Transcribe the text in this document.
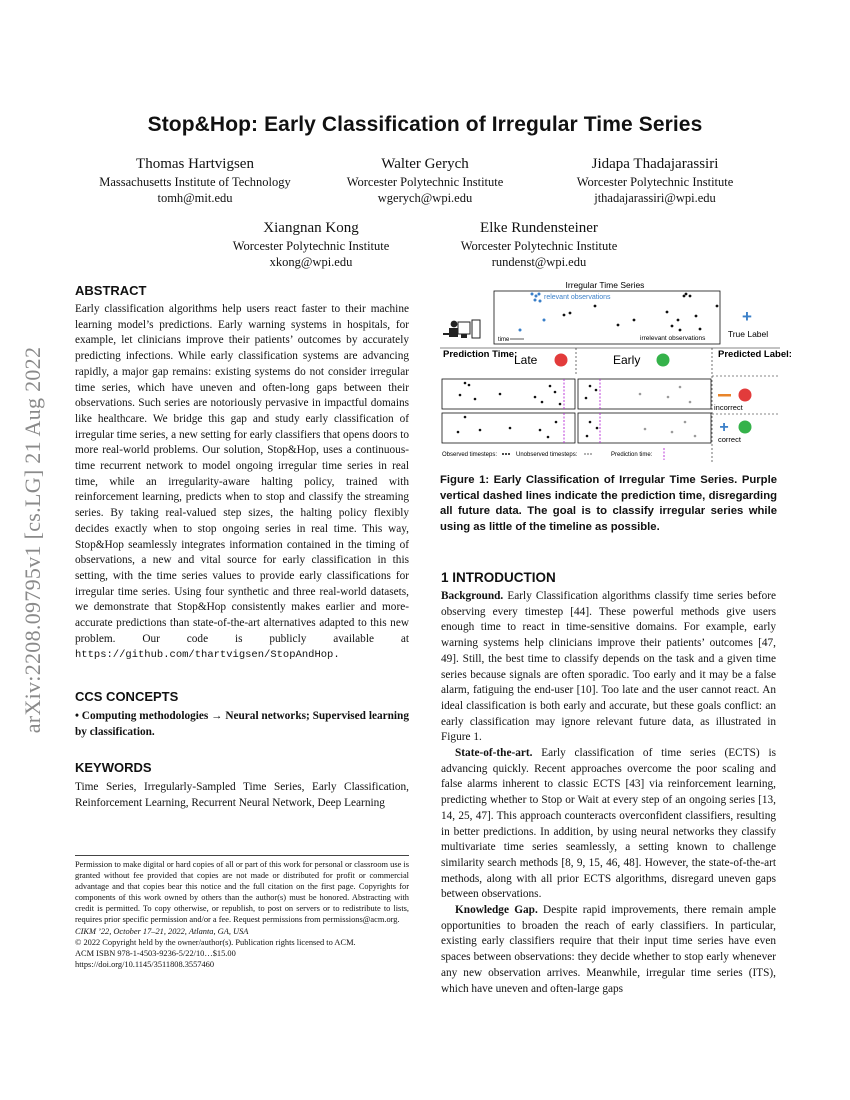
Stop&Hop: Early Classification of Irregular Time Series
Thomas Hartvigsen
Massachusetts Institute of Technology
tomh@mit.edu
Walter Gerych
Worcester Polytechnic Institute
wgerych@wpi.edu
Jidapa Thadajarassiri
Worcester Polytechnic Institute
jthadajarassiri@wpi.edu
Xiangnan Kong
Worcester Polytechnic Institute
xkong@wpi.edu
Elke Rundensteiner
Worcester Polytechnic Institute
rundenst@wpi.edu
arXiv:2208.09795v1 [cs.LG] 21 Aug 2022
ABSTRACT

Early classification algorithms help users react faster to their machine learning model’s predictions. Early warning systems in hospitals, for example, let clinicians improve their patients’ outcomes by accurately predicting infections. While early classification systems are advancing rapidly, a major gap remains: existing systems do not consider irregular time series, which have uneven and often-long gaps between their observations. Such series are notoriously pervasive in impactful domains like healthcare. We bridge this gap and study early classification of irregular time series, a new setting for early classifiers that opens doors to more real-world problems. Our solution, Stop&Hop, uses a continuous-time recurrent network to model ongoing irregular time series in real time, while an irregularity-aware halting policy, trained with reinforcement learning, predicts when to stop and classify the streaming series. By taking real-valued step sizes, the halting policy flexibly decides exactly when to stop ongoing series in real time. This way, Stop&Hop seamlessly integrates information contained in the timing of observations, a new and vital source for early classification in this setting, with the time series values to provide early classifications for irregular time series. Using four synthetic and three real-world datasets, we demonstrate that Stop&Hop consistently makes earlier and more-accurate predictions than state-of-the-art alternatives adapted to this new problem. Our code is publicly available at https://github.com/thartvigsen/StopAndHop.

CCS CONCEPTS
• Computing methodologies → Neural networks; Supervised learning by classification.
KEYWORDS
Time Series, Irregularly-Sampled Time Series, Early Classification, Reinforcement Learning, Recurrent Neural Network, Deep Learning
Permission to make digital or hard copies of all or part of this work for personal or classroom use is granted without fee provided that copies are not made or distributed for profit or commercial advantage and that copies bear this notice and the full citation on the first page. Copyrights for components of this work owned by others than the author(s) must be honored. Abstracting with credit is permitted. To copy otherwise, or republish, to post on servers or to redistribute to lists, requires prior specific permission and/or a fee. Request permissions from permissions@acm.org.
CIKM ’22, October 17–21, 2022, Atlanta, GA, USA
© 2022 Copyright held by the owner/author(s). Publication rights licensed to ACM.
ACM ISBN 978-1-4503-9236-5/22/10…$15.00
https://doi.org/10.1145/3511808.3557460
Irregular Time Series
time
relevant observations
irrelevant observations
+
True Label
Prediction Time:
Late	Early	Predicted Label:
incorrect
+
correct
Observed timesteps:	Unobserved timesteps:	Prediction time:
Figure 1: Early Classification of Irregular Time Series. Purple vertical dashed lines indicate the prediction time, disregarding all future data. The goal is to classify irregular series while using as little of the timeline as possible.
1 INTRODUCTION

Background. Early Classification algorithms classify time series before observing every timestep [44]. These powerful methods give users enough time to react in time-sensitive domains. For example, early warning systems help clinicians improve their patients’ outcomes [47, 49]. Still, the best time to classify depends on the task and a given time series because signals are often sporadic. Too early and it may be a false alarm, fatiguing the end-user [10]. Too late and the user cannot react. An ideal classification is both early and accurate, but these goals conflict: an early classification may ignore relevant future data, as illustrated in Figure 1.

State-of-the-art. Early classification of time series (ECTS) is advancing quickly. Recent approaches overcome the poor scaling and false alarms inherent to classic ECTS [43] via reinforcement learning, predicting whether to Stop or Wait at every step of an ongoing series [13, 14, 25, 47]. This approach counteracts overconfident classifiers, resulting in better predictions. In addition, by using neural networks they classify multivariate time series seamlessly, a setting known to challenge similarity search methods [8, 9, 15, 46, 48]. However, the state-of-the-art methods, along with all prior ECTS algorithms, disregard uneven gaps between observations.

Knowledge Gap. Despite rapid improvements, there remain ample opportunities to broaden the reach of early classifiers. In particular, existing early classifiers require that their input time series have even spaces between observations: they decide whether to stop early whenever any new observation arrives. Meanwhile, irregular time series (ITS), which have uneven and often-large gaps
